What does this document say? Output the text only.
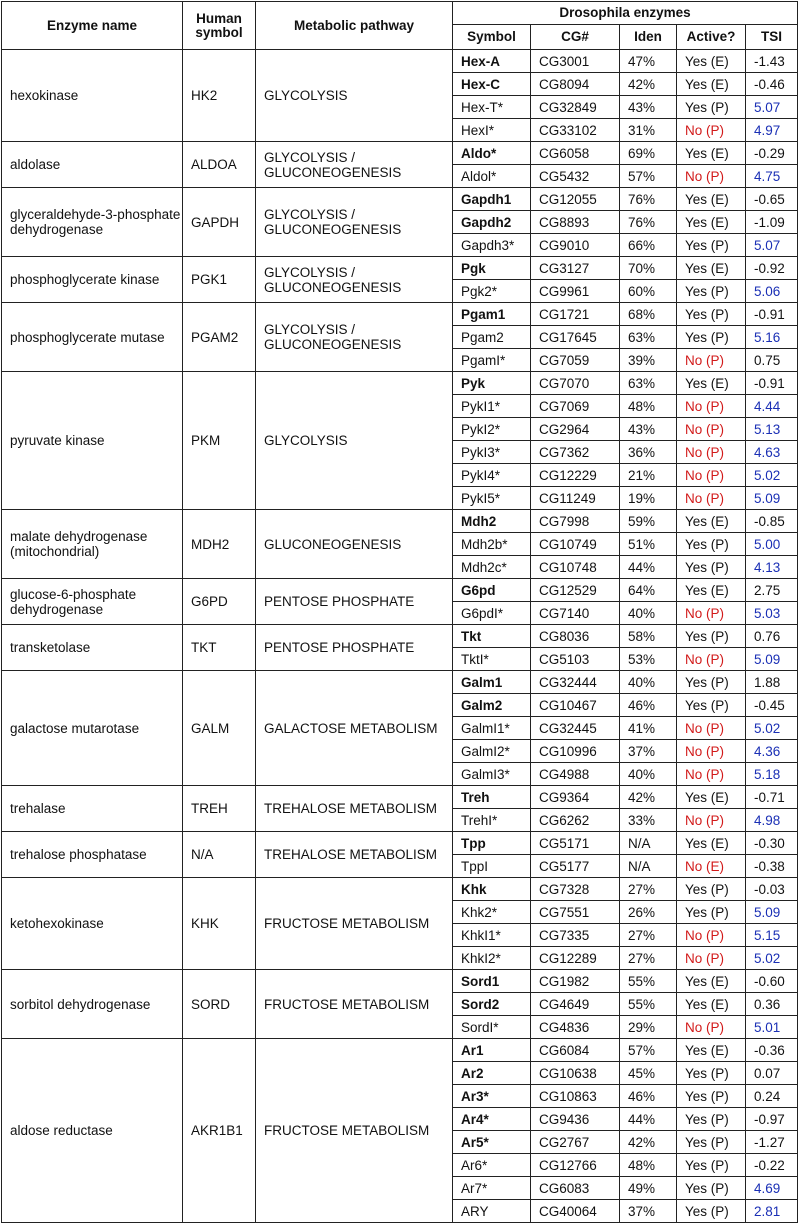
Enzyme name	Human symbol	Metabolic pathway	Drosophila enzymes				
			Symbol	CG#	Iden	Active?	TSI
hexokinase	HK2	GLYCOLYSIS	Hex-A	CG3001	47%	Yes (E)	-1.43
			Hex-C	CG8094	42%	Yes (E)	-0.46
			Hex-T*	CG32849	43%	Yes (P)	5.07
			HexI*	CG33102	31%	No (P)	4.97
aldolase	ALDOA	GLYCOLYSIS / GLUCONEOGENESIS	Aldo*	CG6058	69%	Yes (E)	-0.29
			Aldol*	CG5432	57%	No (P)	4.75
glyceraldehyde-3-phosphate dehydrogenase	GAPDH	GLYCOLYSIS / GLUCONEOGENESIS	Gapdh1	CG12055	76%	Yes (E)	-0.65
			Gapdh2	CG8893	76%	Yes (E)	-1.09
			Gapdh3*	CG9010	66%	Yes (P)	5.07
phosphoglycerate kinase	PGK1	GLYCOLYSIS / GLUCONEOGENESIS	Pgk	CG3127	70%	Yes (E)	-0.92
			Pgk2*	CG9961	60%	Yes (P)	5.06
phosphoglycerate mutase	PGAM2	GLYCOLYSIS / GLUCONEOGENESIS	Pgam1	CG1721	68%	Yes (P)	-0.91
			Pgam2	CG17645	63%	Yes (P)	5.16
			PgamI*	CG7059	39%	No (P)	0.75
pyruvate kinase	PKM	GLYCOLYSIS	Pyk	CG7070	63%	Yes (E)	-0.91
			PykI1*	CG7069	48%	No (P)	4.44
			PykI2*	CG2964	43%	No (P)	5.13
			PykI3*	CG7362	36%	No (P)	4.63
			PykI4*	CG12229	21%	No (P)	5.02
			PykI5*	CG11249	19%	No (P)	5.09
malate dehydrogenase (mitochondrial)	MDH2	GLUCONEOGENESIS	Mdh2	CG7998	59%	Yes (E)	-0.85
			Mdh2b*	CG10749	51%	Yes (P)	5.00
			Mdh2c*	CG10748	44%	Yes (P)	4.13
glucose-6-phosphate dehydrogenase	G6PD	PENTOSE PHOSPHATE	G6pd	CG12529	64%	Yes (E)	2.75
			G6pdI*	CG7140	40%	No (P)	5.03
transketolase	TKT	PENTOSE PHOSPHATE	Tkt	CG8036	58%	Yes (P)	0.76
			TktI*	CG5103	53%	No (P)	5.09
galactose mutarotase	GALM	GALACTOSE METABOLISM	Galm1	CG32444	40%	Yes (P)	1.88
			Galm2	CG10467	46%	Yes (P)	-0.45
			GalmI1*	CG32445	41%	No (P)	5.02
			GalmI2*	CG10996	37%	No (P)	4.36
			GalmI3*	CG4988	40%	No (P)	5.18
trehalase	TREH	TREHALOSE METABOLISM	Treh	CG9364	42%	Yes (E)	-0.71
			TrehI*	CG6262	33%	No (P)	4.98
trehalose phosphatase	N/A	TREHALOSE METABOLISM	Tpp	CG5171	N/A	Yes (E)	-0.30
			TppI	CG5177	N/A	No (E)	-0.38
ketohexokinase	KHK	FRUCTOSE METABOLISM	Khk	CG7328	27%	Yes (P)	-0.03
			Khk2*	CG7551	26%	Yes (P)	5.09
			KhkI1*	CG7335	27%	No (P)	5.15
			KhkI2*	CG12289	27%	No (P)	5.02
sorbitol dehydrogenase	SORD	FRUCTOSE METABOLISM	Sord1	CG1982	55%	Yes (E)	-0.60
			Sord2	CG4649	55%	Yes (E)	0.36
			SordI*	CG4836	29%	No (P)	5.01
aldose reductase	AKR1B1	FRUCTOSE METABOLISM	Ar1	CG6084	57%	Yes (E)	-0.36
			Ar2	CG10638	45%	Yes (P)	0.07
			Ar3*	CG10863	46%	Yes (P)	0.24
			Ar4*	CG9436	44%	Yes (P)	-0.97
			Ar5*	CG2767	42%	Yes (P)	-1.27
			Ar6*	CG12766	48%	Yes (P)	-0.22
			Ar7*	CG6083	49%	Yes (P)	4.69
			ARY	CG40064	37%	Yes (P)	2.81
